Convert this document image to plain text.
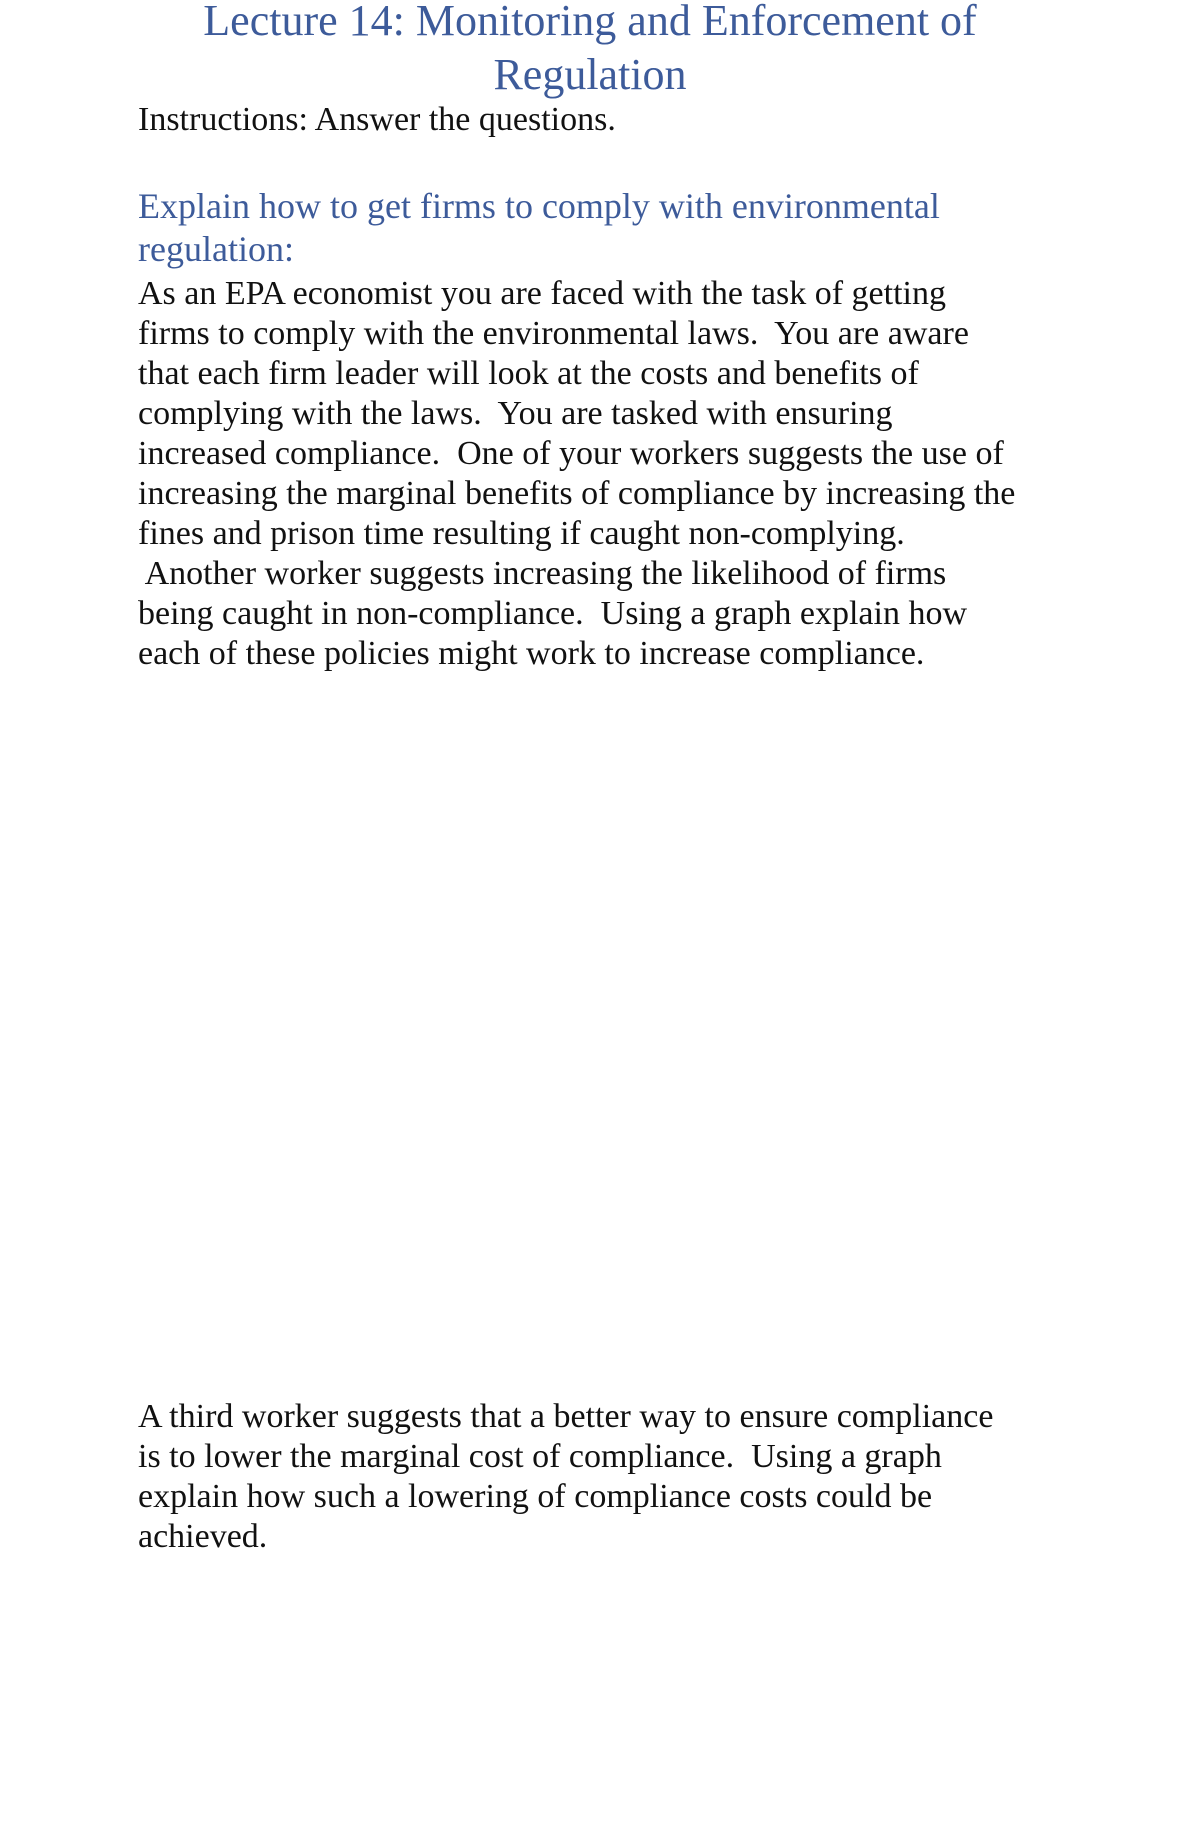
Lecture 14: Monitoring and Enforcement of
Regulation

Instructions: Answer the questions.

Explain how to get firms to comply with environmental
regulation:

As an EPA economist you are faced with the task of getting
firms to comply with the environmental laws.  You are aware
that each firm leader will look at the costs and benefits of
complying with the laws.  You are tasked with ensuring
increased compliance.  One of your workers suggests the use of
increasing the marginal benefits of compliance by increasing the
fines and prison time resulting if caught non-complying.
Another worker suggests increasing the likelihood of firms
being caught in non-compliance.  Using a graph explain how
each of these policies might work to increase compliance.

A third worker suggests that a better way to ensure compliance
is to lower the marginal cost of compliance.  Using a graph
explain how such a lowering of compliance costs could be
achieved.
